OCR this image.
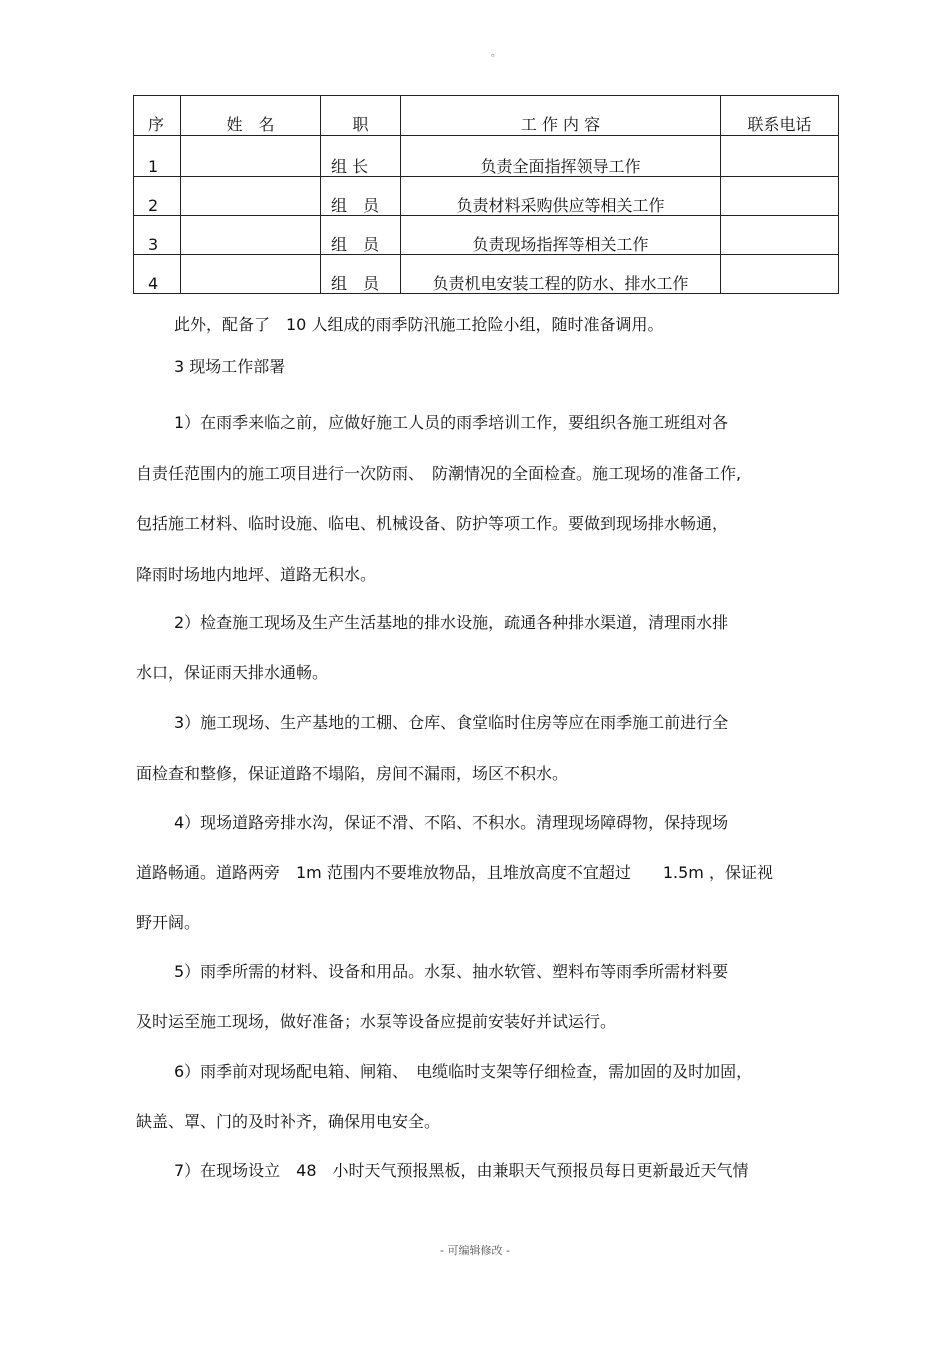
。
序	姓　名	职	工 作 内 容	联系电话
1		组 长	负责全面指挥领导工作	
2		组　员	负责材料采购供应等相关工作	
3		组　员	负责现场指挥等相关工作	
4		组　员	负责机电安装工程的防水、排水工作	
此外，配备了　10 人组成的雨季防汛施工抢险小组，随时准备调用。
3 现场工作部署
1）在雨季来临之前，应做好施工人员的雨季培训工作，要组织各施工班组对各
自责任范围内的施工项目进行一次防雨、　防潮情况的全面检查。施工现场的准备工作,
包括施工材料、临时设施、临电、机械设备、防护等项工作。要做到现场排水畅通，
降雨时场地内地坪、道路无积水。
2）检查施工现场及生产生活基地的排水设施，疏通各种排水渠道，清理雨水排
水口，保证雨天排水通畅。
3）施工现场、生产基地的工棚、仓库、食堂临时住房等应在雨季施工前进行全
面检查和整修，保证道路不塌陷，房间不漏雨，场区不积水。
4）现场道路旁排水沟，保证不滑、不陷、不积水。清理现场障碍物，保持现场
道路畅通。道路两旁　1m 范围内不要堆放物品，且堆放高度不宜超过　　1.5m ，保证视
野开阔。
5）雨季所需的材料、设备和用品。水泵、抽水软管、塑料布等雨季所需材料要
及时运至施工现场，做好准备；水泵等设备应提前安装好并试运行。
6）雨季前对现场配电箱、闸箱、　电缆临时支架等仔细检查，需加固的及时加固，
缺盖、罩、门的及时补齐，确保用电安全。
7）在现场设立　48　小时天气预报黑板，由兼职天气预报员每日更新最近天气情
- 可编辑修改 -
